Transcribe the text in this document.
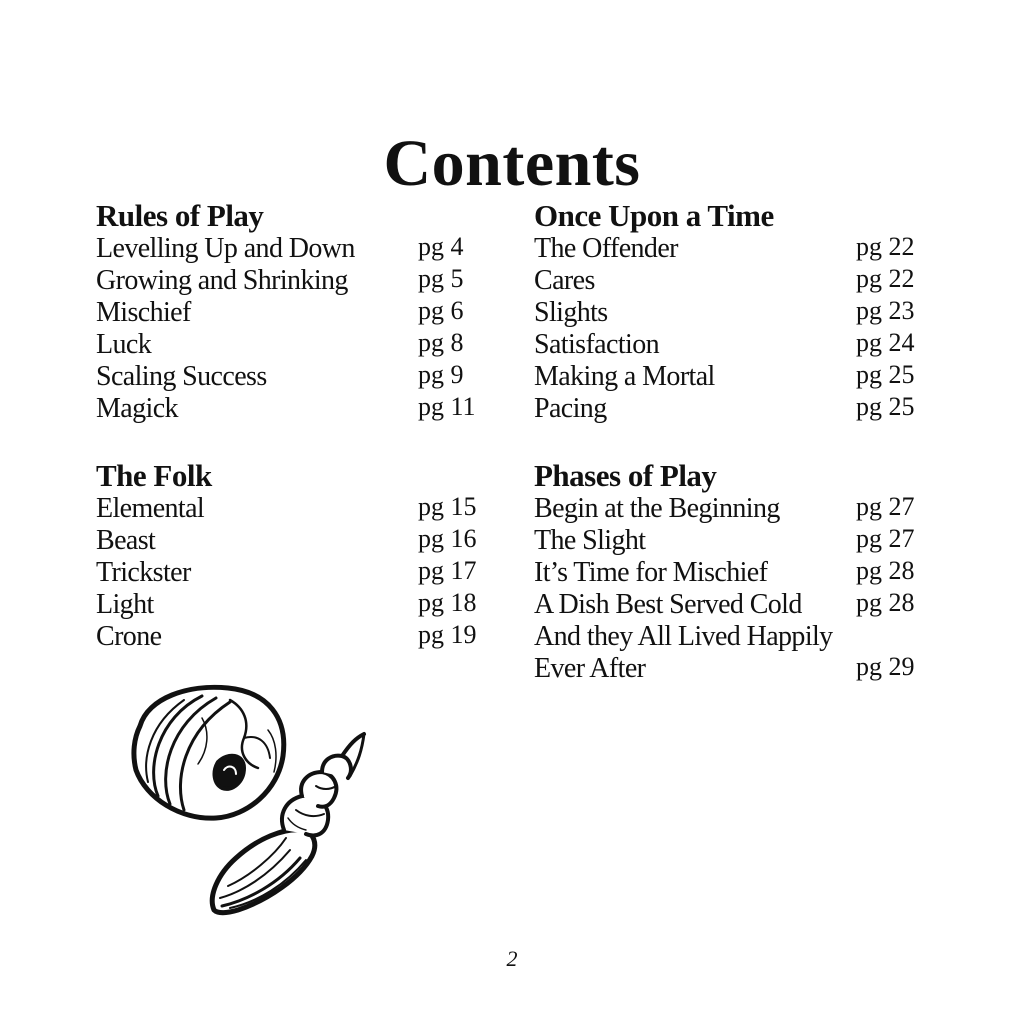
Contents
Rules of Play
Levelling Up and Down pg 4
Growing and Shrinking	pg 5
Mischief	pg 6
Luck	pg 8
Scaling Success	pg 9
Magick	pg 11
The Folk
Elemental	pg 15
Beast	pg 16
Trickster	pg 17
Light	pg 18
Crone	pg 19
Once Upon a Time
The Offender	pg 22
Cares	pg 22
Slights	pg 23
Satisfaction	pg 24
Making a Mortal	pg 25
Pacing	pg 25
Phases of Play
Begin at the Beginning	pg 27
The Slight	pg 27
It’s Time for Mischief	pg 28
A Dish Best Served Cold pg 28
And they All Lived Happily Ever After	pg 29
2
